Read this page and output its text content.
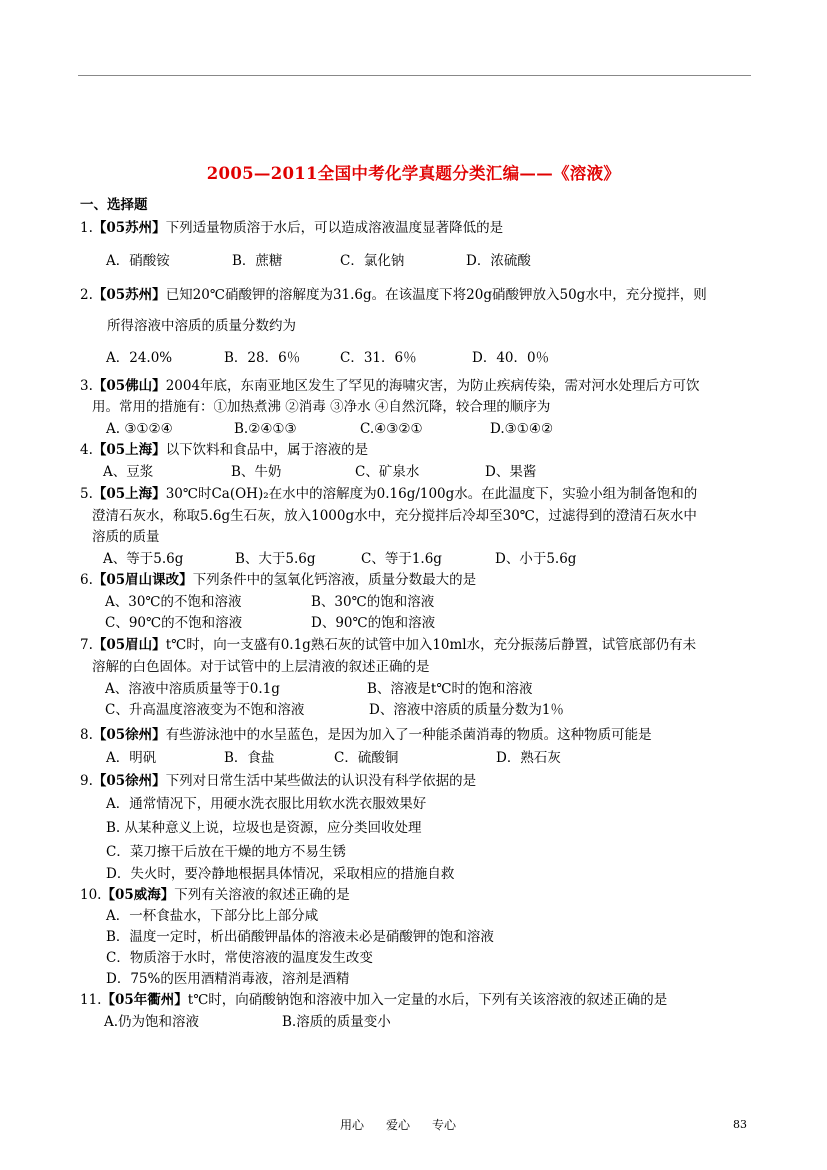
2005—2011全国中考化学真题分类汇编——《溶液》
一、选择题
1.【05苏州】下列适量物质溶于水后，可以造成溶液温度显著降低的是
A．硝酸铵	B．蔗糖	C．氯化钠	D．浓硫酸
2.【05苏州】已知20℃硝酸钾的溶解度为31.6g。在该温度下将20g硝酸钾放入50g水中，充分搅拌，则
所得溶液中溶质的质量分数约为
A．24.0%	B．28．6％	C．31．6％	D．40．0％
3.【05佛山】2004年底，东南亚地区发生了罕见的海啸灾害，为防止疾病传染，需对河水处理后方可饮
用。常用的措施有：①加热煮沸 ②消毒 ③净水 ④自然沉降，较合理的顺序为
A. ③①②④	B.②④①③	C.④③②①	D.③①④②
4.【05上海】以下饮料和食品中，属于溶液的是
A、豆浆	B、牛奶	C、矿泉水	D、果酱
5.【05上海】30℃时Ca(OH)₂在水中的溶解度为0.16g/100g水。在此温度下，实验小组为制备饱和的
澄清石灰水，称取5.6g生石灰，放入1000g水中，充分搅拌后冷却至30℃，过滤得到的澄清石灰水中
溶质的质量
A、等于5.6g	B、大于5.6g	C、等于1.6g	D、小于5.6g
6.【05眉山课改】下列条件中的氢氧化钙溶液，质量分数最大的是
A、30℃的不饱和溶液	B、30℃的饱和溶液
C、90℃的不饱和溶液	D、90℃的饱和溶液
7.【05眉山】t℃时，向一支盛有0.1g熟石灰的试管中加入10ml水，充分振荡后静置，试管底部仍有未
溶解的白色固体。对于试管中的上层清液的叙述正确的是
A、溶液中溶质质量等于0.1g	B、溶液是t℃时的饱和溶液
C、升高温度溶液变为不饱和溶液	D、溶液中溶质的质量分数为1％
8.【05徐州】有些游泳池中的水呈蓝色，是因为加入了一种能杀菌消毒的物质。这种物质可能是
A．明矾	B．食盐	C．硫酸铜	D．熟石灰
9.【05徐州】下列对日常生活中某些做法的认识没有科学依据的是
A．通常情况下，用硬水洗衣服比用软水洗衣服效果好
B. 从某种意义上说，垃圾也是资源，应分类回收处理
C．菜刀擦干后放在干燥的地方不易生锈
D．失火时，要冷静地根据具体情况，采取相应的措施自救
10.【05威海】下列有关溶液的叙述正确的是
A．一杯食盐水，下部分比上部分咸
B．温度一定时，析出硝酸钾晶体的溶液未必是硝酸钾的饱和溶液
C．物质溶于水时，常使溶液的温度发生改变
D．75%的医用酒精消毒液，溶剂是酒精
11.【05年衢州】t℃时，向硝酸钠饱和溶液中加入一定量的水后，下列有关该溶液的叙述正确的是
A.仍为饱和溶液	B.溶质的质量变小
用心 爱心 专心	83
